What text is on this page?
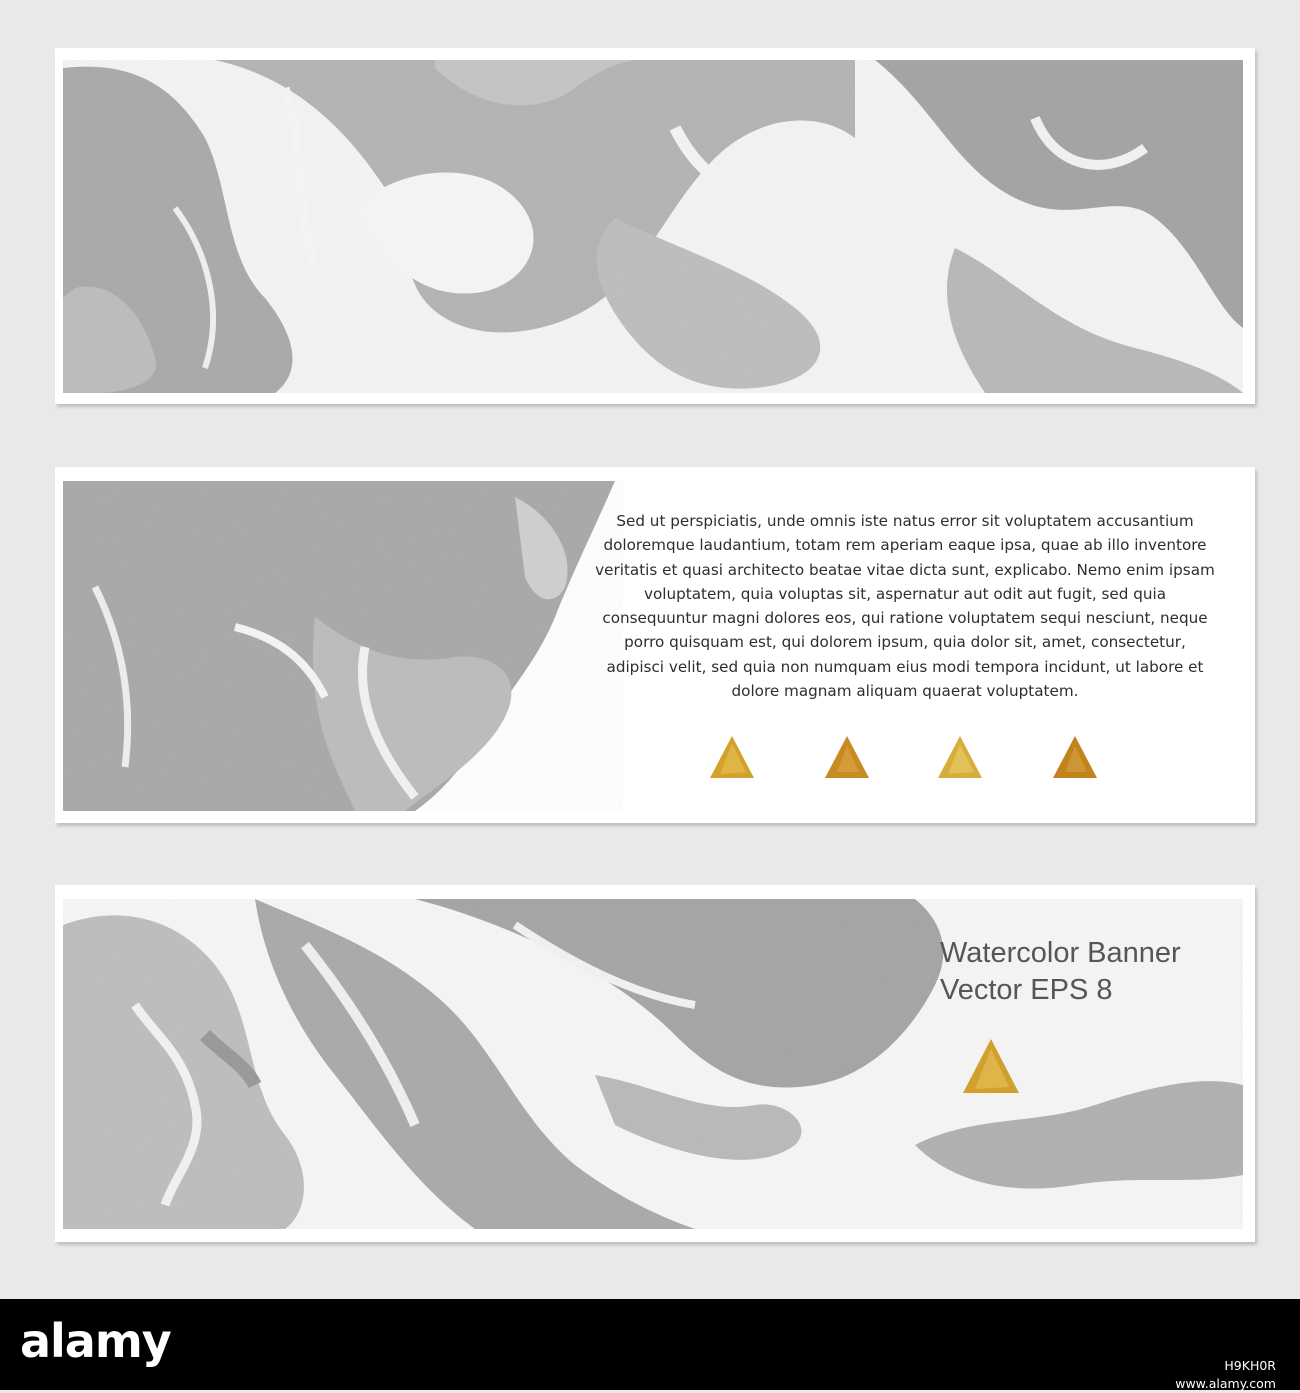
Sed ut perspiciatis, unde omnis iste natus error sit voluptatem accusantium doloremque laudantium, totam rem aperiam eaque ipsa, quae ab illo inventore veritatis et quasi architecto beatae vitae dicta sunt, explicabo. Nemo enim ipsam voluptatem, quia voluptas sit, aspernatur aut odit aut fugit, sed quia consequuntur magni dolores eos, qui ratione voluptatem sequi nesciunt, neque porro quisquam est, qui dolorem ipsum, quia dolor sit, amet, consectetur, adipisci velit, sed quia non numquam eius modi tempora incidunt, ut labore et dolore magnam aliquam quaerat voluptatem.
Watercolor Banner
Vector EPS 8
alamy	H9KH0R
www.alamy.com
